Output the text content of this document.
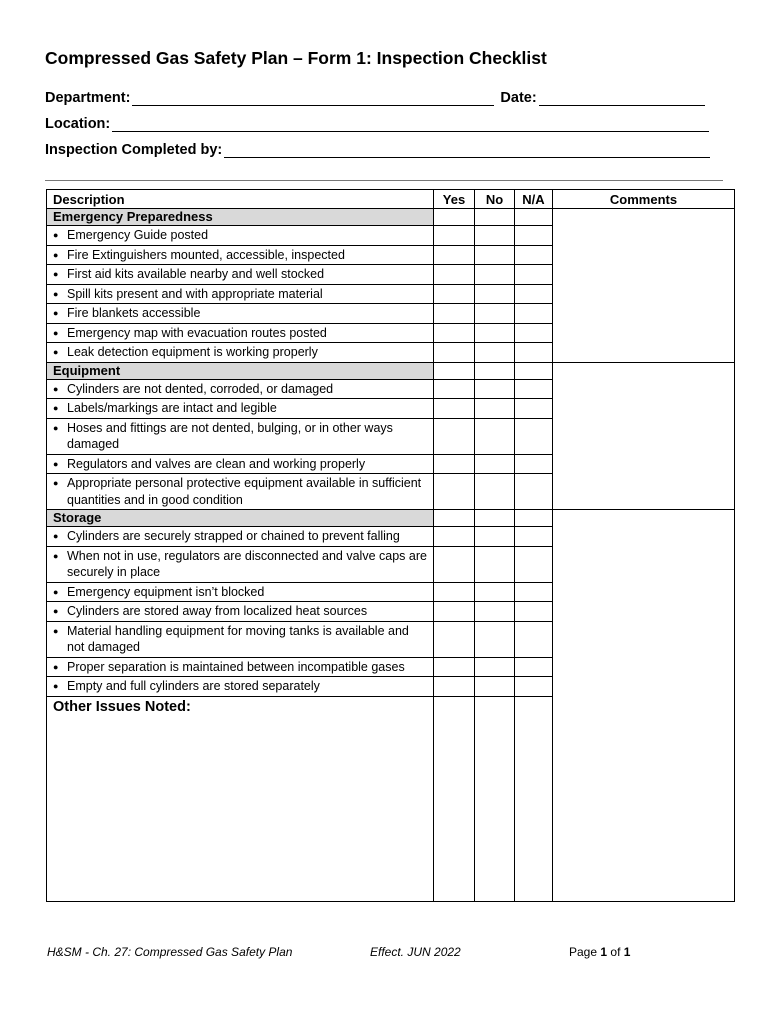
Compressed Gas Safety Plan – Form 1: Inspection Checklist
Department:	Date:
Location:
Inspection Completed by:
Description	Yes	No	N/A	Comments	
Emergency Preparedness					
● Emergency Guide posted			
● Fire Extinguishers mounted, accessible, inspected			
● First aid kits available nearby and well stocked			
● Spill kits present and with appropriate material			
● Fire blankets accessible			
● Emergency map with evacuation routes posted			
● Leak detection equipment is working properly			
Equipment					
● Cylinders are not dented, corroded, or damaged			
● Labels/markings are intact and legible			
● Hoses and fittings are not dented, bulging, or in other ways damaged			
● Regulators and valves are clean and working properly			
● Appropriate personal protective equipment available in sufficient quantities and in good condition			
Storage					
● Cylinders are securely strapped or chained to prevent falling			
● When not in use, regulators are disconnected and valve caps are securely in place			
● Emergency equipment isn’t blocked			
● Cylinders are stored away from localized heat sources			
● Material handling equipment for moving tanks is available and not damaged			
● Proper separation is maintained between incompatible gases			
● Empty and full cylinders are stored separately			
Other Issues Noted:					
H&SM - Ch. 27: Compressed Gas Safety Plan	Effect. JUN 2022	Page 1 of 1
